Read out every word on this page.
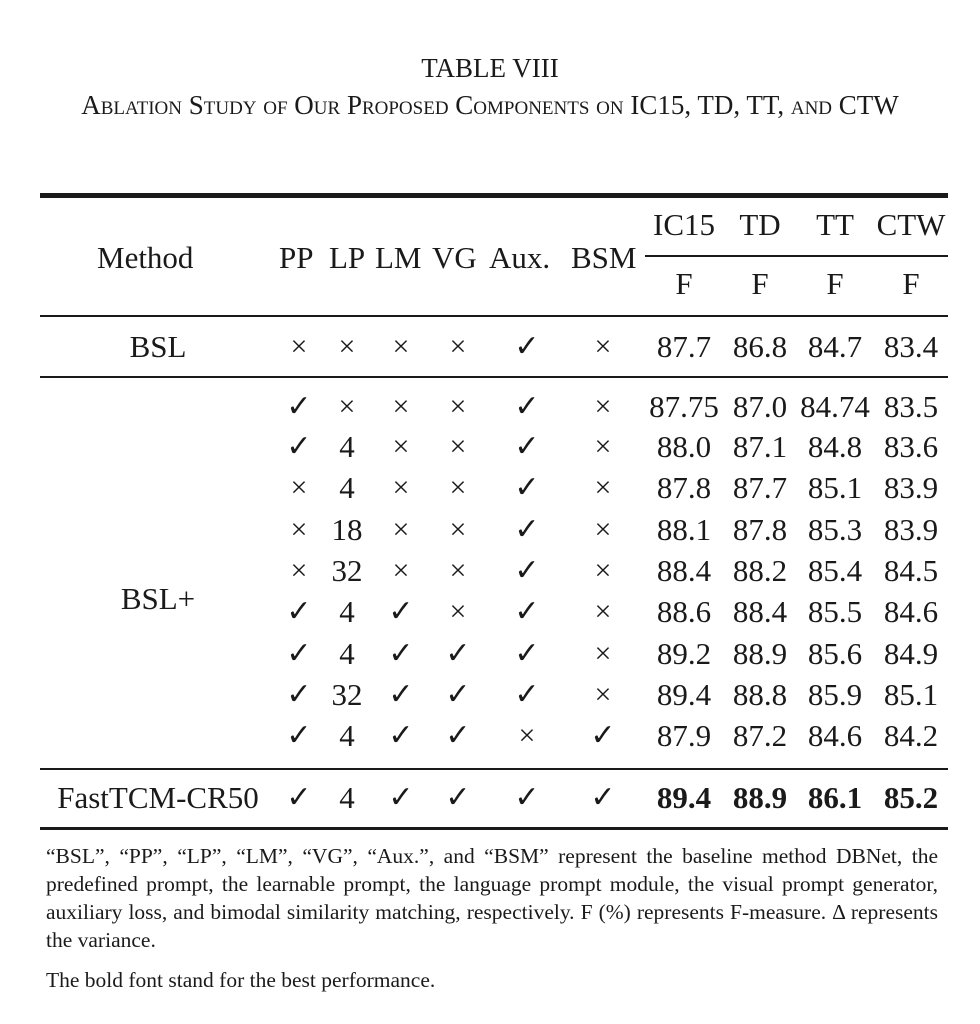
TABLE VIII
Ablation Study of Our Proposed Components on IC15, TD, TT, and CTW
Method	PP LP LM VG Aux. BSM
IC15 TD TT CTW
F F F F
BSL	× × × × ✓ × 87.7 86.8 84.7 83.4
BSL+
✓ × × × ✓ × 87.75 87.0 84.74 83.5
✓ 4 × × ✓ × 88.0 87.1 84.8 83.6
× 4 × × ✓ × 87.8 87.7 85.1 83.9
× 18 × × ✓ × 88.1 87.8 85.3 83.9
× 32 × × ✓ × 88.4 88.2 85.4 84.5
✓ 4 ✓ × ✓ × 88.6 88.4 85.5 84.6
✓ 4 ✓ ✓ ✓ × 89.2 88.9 85.6 84.9
✓ 32 ✓ ✓ ✓ × 89.4 88.8 85.9 85.1
✓ 4 ✓ ✓ × ✓ 87.9 87.2 84.6 84.2
FastTCM-CR50 ✓ 4 ✓ ✓ ✓ ✓ 89.4 88.9 86.1 85.2
“BSL”, “PP”, “LP”, “LM”, “VG”, “Aux.”, and “BSM” represent the baseline method DBNet, the predefined prompt, the learnable prompt, the language prompt module, the visual prompt generator, auxiliary loss, and bimodal similarity matching, respectively. F (%) represents F-measure. Δ represents the variance.
The bold font stand for the best performance.
